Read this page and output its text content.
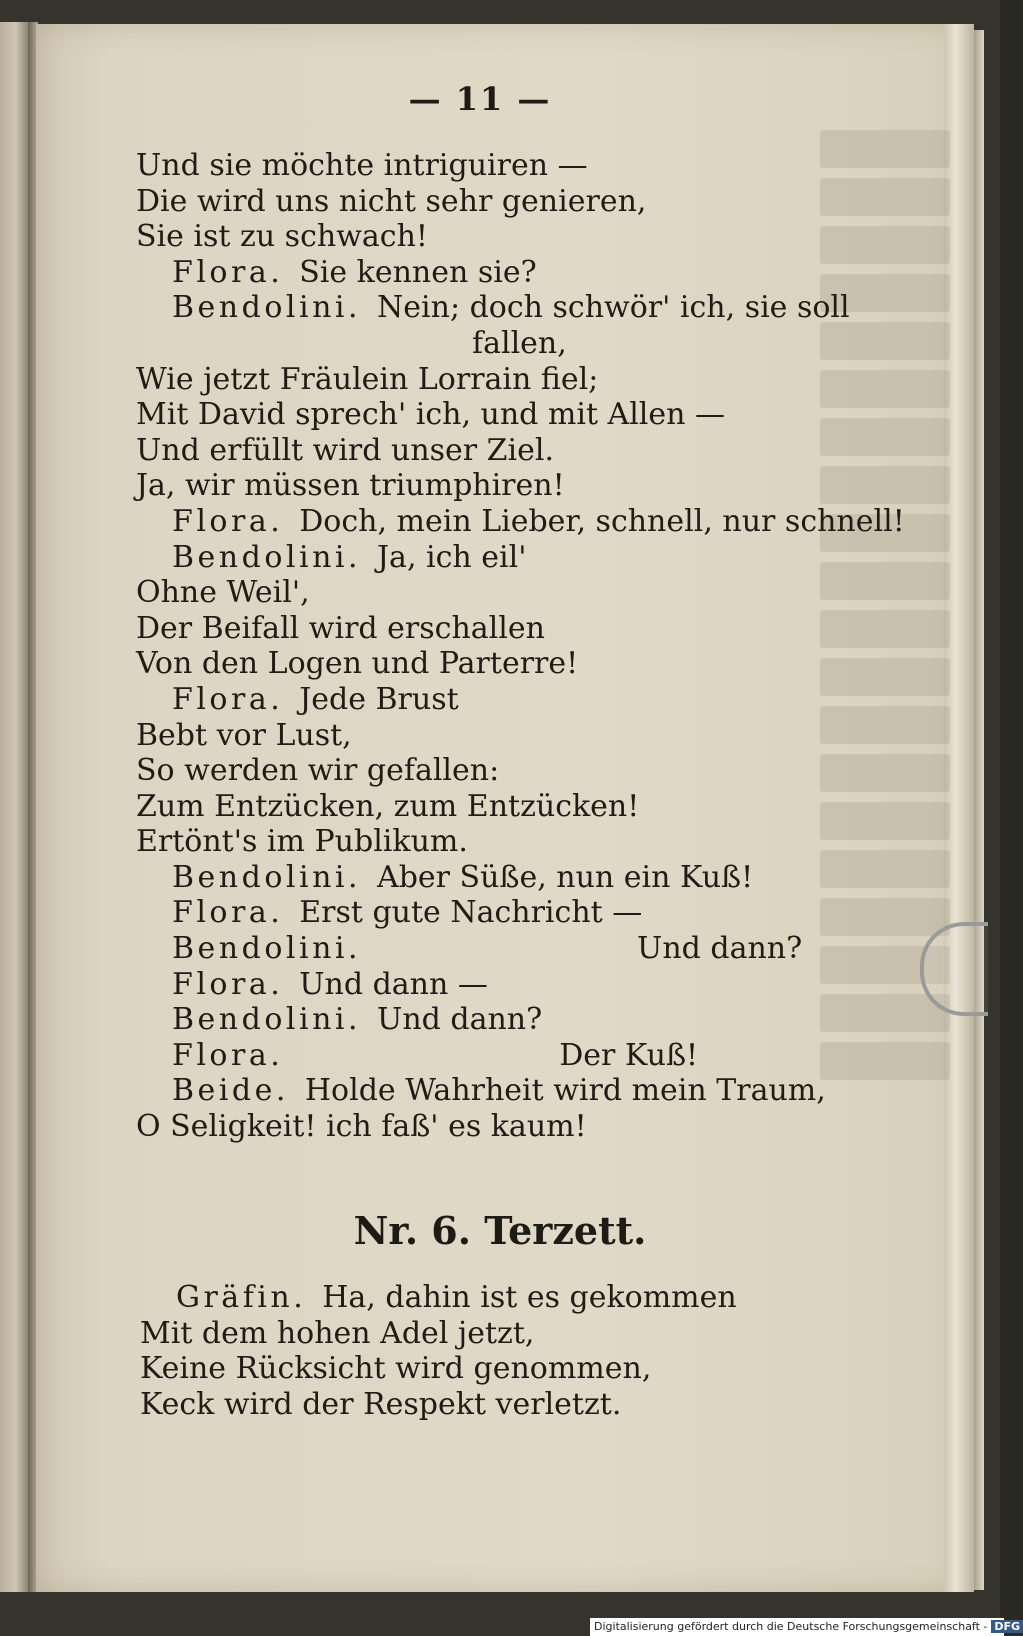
— 11 —
Und sie möchte intriguiren —
Die wird uns nicht sehr genieren,
Sie ist zu schwach!
Flora. Sie kennen sie?
Bendolini. Nein; doch schwör' ich, sie soll
fallen,
Wie jetzt Fräulein Lorrain fiel;
Mit David sprech' ich, und mit Allen —
Und erfüllt wird unser Ziel.
Ja, wir müssen triumphiren!
Flora. Doch, mein Lieber, schnell, nur schnell!
Bendolini. Ja, ich eil'
Ohne Weil',
Der Beifall wird erschallen
Von den Logen und Parterre!
Flora. Jede Brust
Bebt vor Lust,
So werden wir gefallen:
Zum Entzücken, zum Entzücken!
Ertönt's im Publikum.
Bendolini. Aber Süße, nun ein Kuß!
Flora. Erst gute Nachricht —
Bendolini.	Und dann?
Flora. Und dann —
Bendolini. Und dann?
Flora.	Der Kuß!
Beide. Holde Wahrheit wird mein Traum,
O Seligkeit! ich faß' es kaum!
Nr. 6. Terzett.
Gräfin. Ha, dahin ist es gekommen
Mit dem hohen Adel jetzt,
Keine Rücksicht wird genommen,
Keck wird der Respekt verletzt.
Digitalisierung gefördert durch die Deutsche Forschungsgemeinschaft - DFG
